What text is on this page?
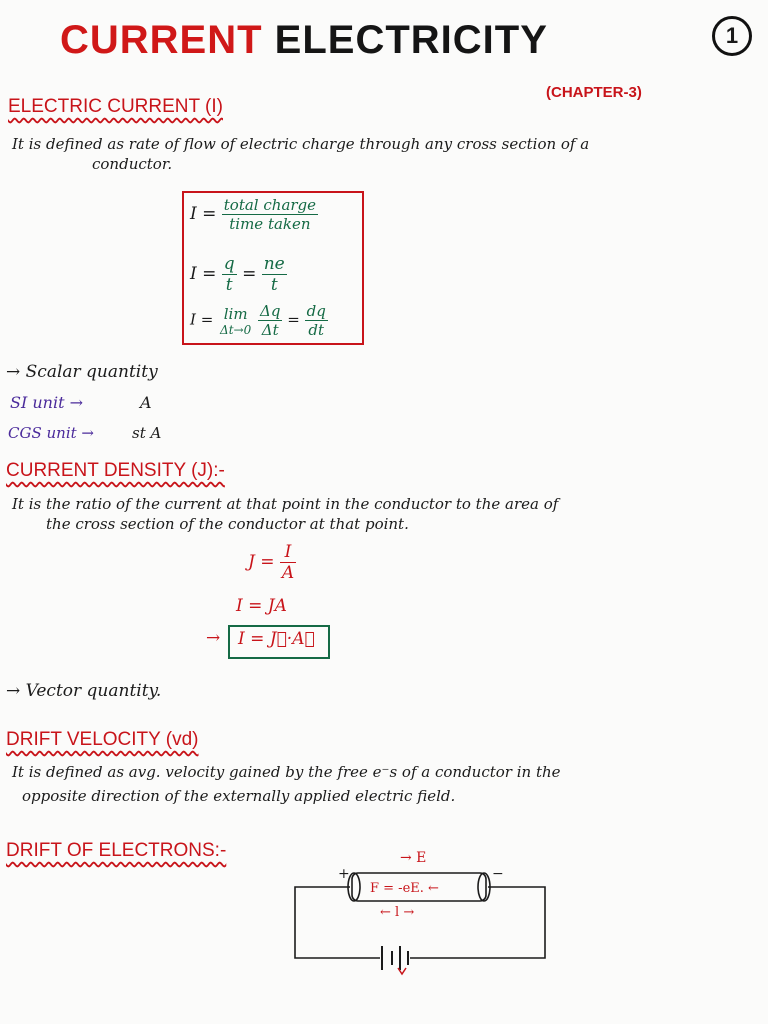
CURRENT ELECTRICITY	1
(CHAPTER-3)
ELECTRIC CURRENT (I)
It is defined as rate of flow of electric charge through any cross section of a
conductor.
$I = \frac{\text{total charge}}{\text{time taken}}$
$I = \frac{q}{t} = \frac{ne}{t}$
I = lim
Δt→0
$\frac{\Delta q}{\Delta t} = \frac{dq}{dt}$
→ Scalar quantity
SI unit →	A
CGS unit →	st A
CURRENT DENSITY (J):-
It is the ratio of the current at that point in the conductor to the area of
the cross section of the conductor at that point.
$J = \frac{I}{A}$
I = JA
→ I = J⃗·A⃗
→ Vector quantity.
DRIFT VELOCITY (vd)
It is defined as avg. velocity gained by the free e⁻s of a conductor in the
opposite direction of the externally applied electric field.
DRIFT OF ELECTRONS:-	→ E
F = -eE. ←
← l →
+	−
